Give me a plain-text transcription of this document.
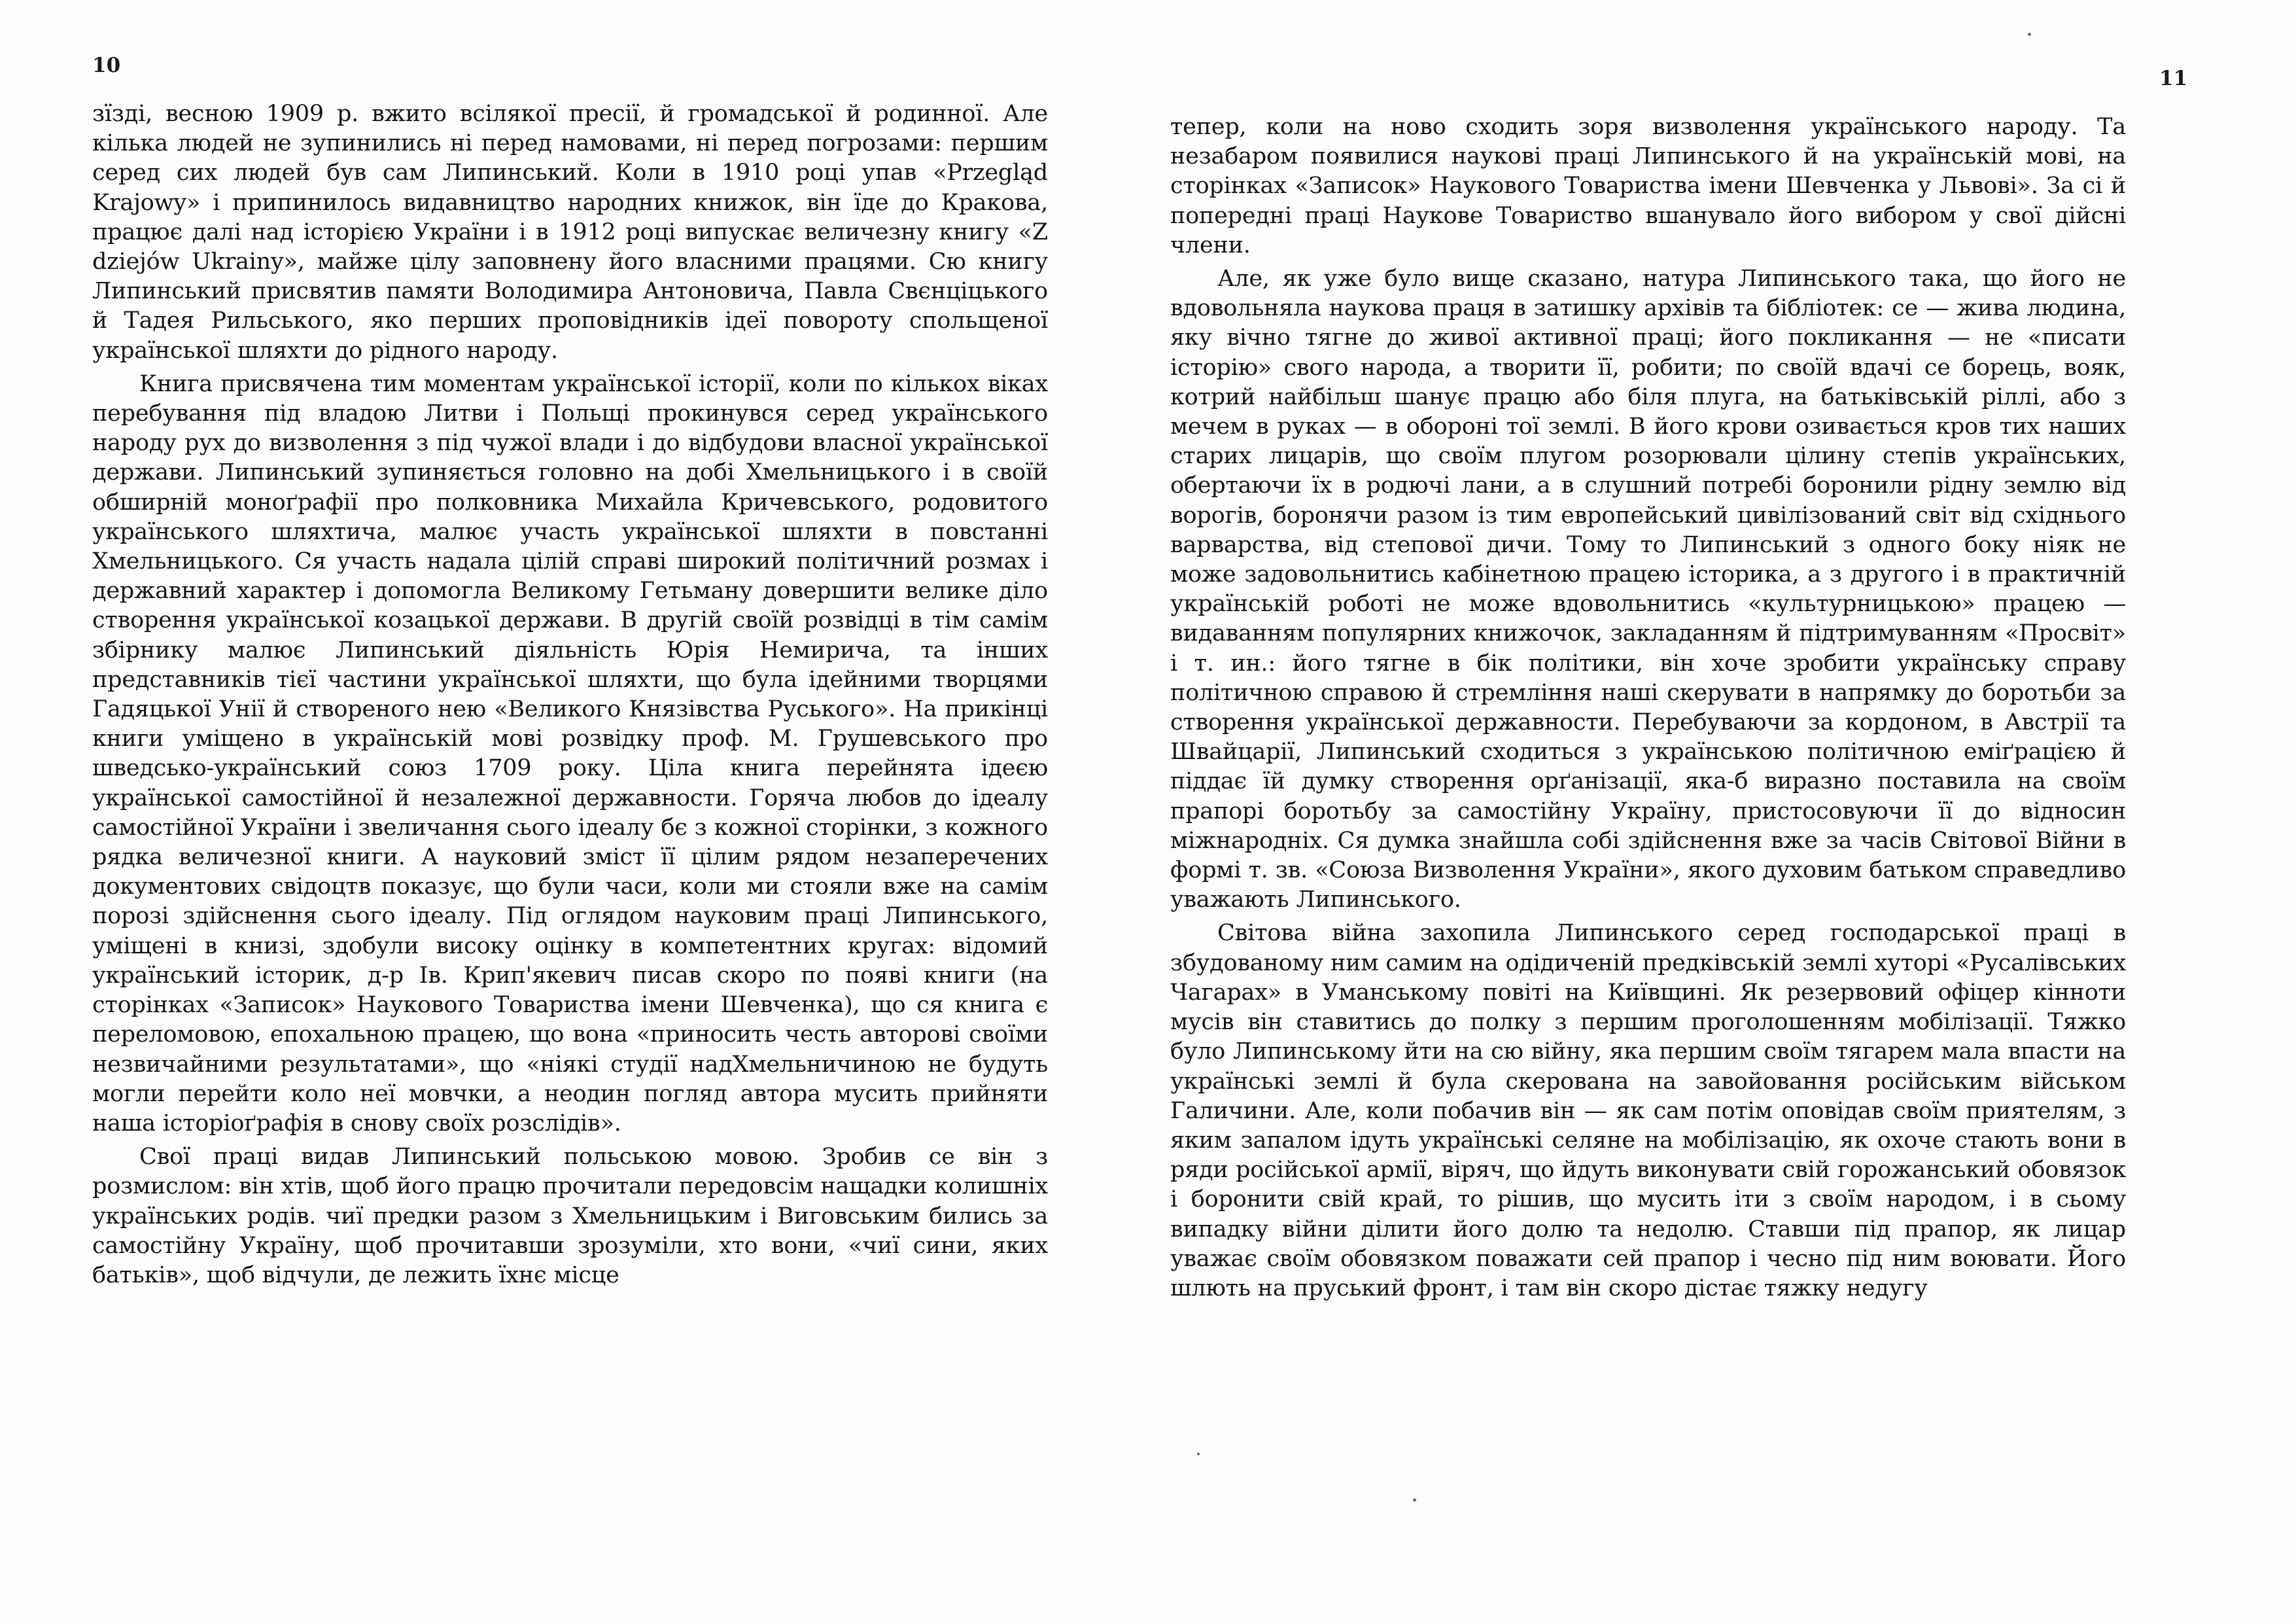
10

зїзді, весною 1909 р. вжито всілякої пресії, й громадської й родинної. Але кілька людей не зупинились ні перед намовами, ні перед погрозами: першим серед сих людей був сам Липинський. Коли в 1910 році упав «Przegląd Krajowy» і припинилось видавництво народних книжок, він їде до Кракова, працює далі над історією України і в 1912 році випускає величезну книгу «Z dziejów Ukrainy», майже цілу заповнену його власними працями. Сю книгу Липинський присвятив памяти Володимира Антоновича, Павла Свєнціцького й Тадея Рильського, яко перших проповідників ідеї повороту спольщеної української шляхти до рідного народу.

Книга присвячена тим моментам української історії, коли по кількох віках перебування під владою Литви і Польщі прокинувся серед українського народу рух до визволення з під чужої влади і до відбудови власної української держави. Липинський зупиняється головно на добі Хмельницького і в своїй обширній моноґрафії про полковника Михайла Кричевського, родовитого українського шляхтича, малює участь української шляхти в повстанні Хмельницького. Ся участь надала цілій справі широкий політичний розмах і державний характер і допомогла Великому Гетьману довершити велике діло створення української козацької держави. В другій своїй розвідці в тім самім збірнику малює Липинський діяльність Юрія Немирича, та інших представників тієї частини української шляхти, що була ідейними творцями Гадяцької Унії й створеного нею «Великого Князівства Руського». На прикінці книги уміщено в українській мові розвідку проф. М. Грушевського про шведсько-український союз 1709 року. Ціла книга перейнята ідеєю української самостійної й незалежної державности. Горяча любов до ідеалу самостійної України і звеличання сього ідеалу бє з кожної сторінки, з кожного рядка величезної книги. А науковий зміст її цілим рядом незаперечених документових свідоцтв показує, що були часи, коли ми стояли вже на самім порозі здійснення сього ідеалу. Під оглядом науковим праці Липинського, уміщені в книзі, здобули високу оцінку в компетентних кругах: відомий український історик, д-р Ів. Крип'якевич писав скоро по появі книги (на сторінках «Записок» Наукового Товариства імени Шевченка), що ся книга є переломовою, епохальною працею, що вона «приносить честь авторові своїми незвичайними результатами», що «ніякі студії надХмельничиною не будуть могли перейти коло неї мовчки, а неодин погляд автора мусить прийняти наша історіоґрафія в снову своїх розслідів».

Свої праці видав Липинський польською мовою. Зробив се він з розмислом: він хтів, щоб його працю прочитали передовсім нащадки колишніх українських родів. чиї предки разом з Хмельницьким і Виговським бились за самостійну Україну, щоб прочитавши зрозуміли, хто вони, «чиї сини, яких батьків», щоб відчули, де лежить їхнє місце

11

тепер, коли на ново сходить зоря визволення українського народу. Та незабаром появилися наукові праці Липинського й на українській мові, на сторінках «Записок» Наукового Товариства імени Шевченка у Львові». За сі й попередні праці Наукове Товариство вшанувало його вибором у свої дійсні члени.

Але, як уже було вище сказано, натура Липинського така, що його не вдовольняла наукова праця в затишку архівів та бібліотек: се — жива людина, яку вічно тягне до живої активної праці; його покликання — не «писати історію» свого народа, а творити її, робити; по своїй вдачі се борець, вояк, котрий найбільш шанує працю або біля плуга, на батьківській ріллі, або з мечем в руках — в обороні тої землі. В його крови озивається кров тих наших старих лицарів, що своїм плугом розорювали цілину степів українських, обертаючи їх в родючі лани, а в слушний потребі боронили рідну землю від ворогів, боронячи разом із тим европейський цивілізований світ від східнього варварства, від степової дичи. Тому то Липинський з одного боку ніяк не може задовольнитись кабінетною працею історика, а з другого і в практичній українській роботі не може вдовольнитись «культурницькою» працею — видаванням популярних книжочок, закладанням й підтримуванням «Просвіт» і т. ин.: його тягне в бік політики, він хоче зробити українську справу політичною справою й стремління наші скерувати в напрямку до боротьби за створення української державности. Перебуваючи за кордоном, в Австрії та Швайцарії, Липинський сходиться з українською політичною еміґрацією й піддає їй думку створення орґанізації, яка-б виразно поставила на своїм прапорі боротьбу за самостійну Україну, пристосовуючи її до відносин міжнародніх. Ся думка знайшла собі здійснення вже за часів Світової Війни в формі т. зв. «Союза Визволення України», якого духовим батьком справедливо уважають Липинського.

Світова війна захопила Липинського серед господарської праці в збудованому ним самим на одідиченій предківській землі хуторі «Русалівських Чагарах» в Уманському повіті на Київщині. Як резервовий офіцер кінноти мусів він ставитись до полку з першим проголошенням мобілізації. Тяжко було Липинському йти на сю війну, яка першим своїм тягарем мала впасти на українські землі й була скерована на завойовання російським військом Галичини. Але, коли побачив він — як сам потім оповідав своїм приятелям, з яким запалом ідуть українські селяне на мобілізацію, як охоче стають вони в ряди російської армії, віряч, що йдуть виконувати свій горожанський обовязок і боронити свій край, то рішив, що мусить іти з своїм народом, і в сьому випадку війни ділити його долю та недолю. Ставши під прапор, як лицар уважає своїм обовязком поважати сей прапор і чесно під ним воювати. Його шлють на пруський фронт, і там він скоро дістає тяжку недугу
